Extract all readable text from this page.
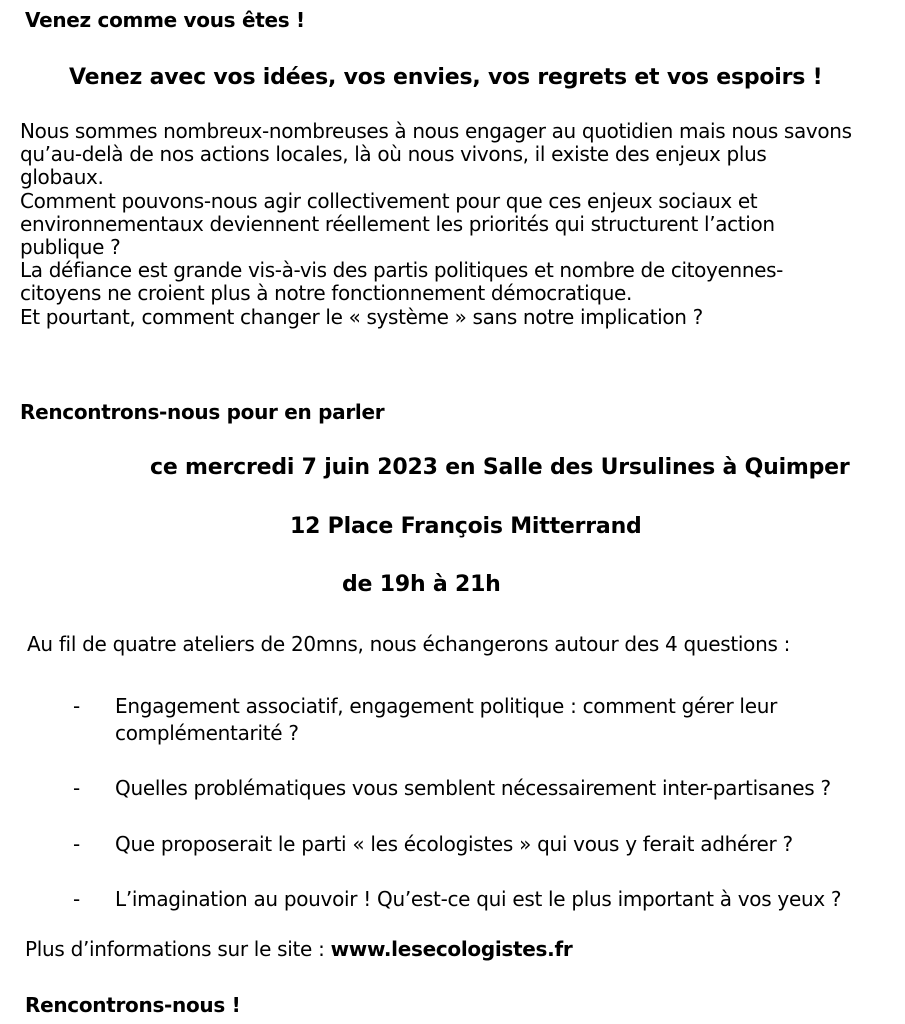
Venez comme vous êtes !
Venez avec vos idées, vos envies, vos regrets et vos espoirs !
Nous sommes nombreux-nombreuses à nous engager au quotidien mais nous savons
qu’au-delà de nos actions locales, là où nous vivons, il existe des enjeux plus
globaux.
Comment pouvons-nous agir collectivement pour que ces enjeux sociaux et
environnementaux deviennent réellement les priorités qui structurent l’action
publique ?
La défiance est grande vis-à-vis des partis politiques et nombre de citoyennes-
citoyens ne croient plus à notre fonctionnement démocratique.
Et pourtant, comment changer le « système » sans notre implication ?
Rencontrons-nous pour en parler
ce mercredi 7 juin 2023 en Salle des Ursulines à Quimper
12 Place François Mitterrand
de 19h à 21h
Au fil de quatre ateliers de 20mns, nous échangerons autour des 4 questions :
- Engagement associatif, engagement politique : comment gérer leur
complémentarité ?
- Quelles problématiques vous semblent nécessairement inter-partisanes ?
- Que proposerait le parti « les écologistes » qui vous y ferait adhérer ?
- L’imagination au pouvoir ! Qu’est-ce qui est le plus important à vos yeux ?
Plus d’informations sur le site : www.lesecologistes.fr
Rencontrons-nous !
